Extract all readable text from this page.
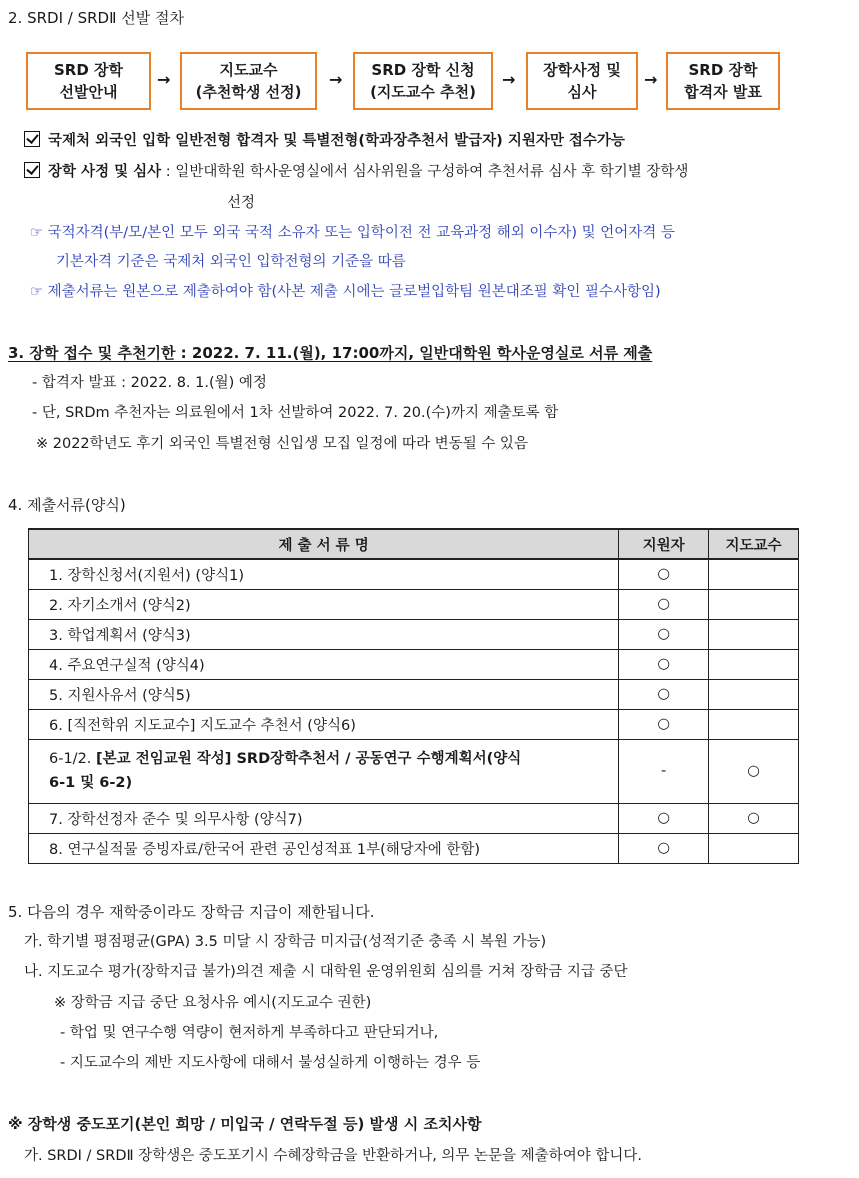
2. SRDⅠ / SRDⅡ 선발 절차
SRD 장학
선발안내
→	지도교수
(추천학생 선정)
→ SRD 장학 신청
(지도교수 추천)
→ 장학사정 및
심사
→ SRD 장학
합격자 발표
국제처 외국인 입학 일반전형 합격자 및 특별전형(학과장추천서 발급자) 지원자만 접수가능
장학 사정 및 심사 : 일반대학원 학사운영실에서 심사위원을 구성하여 추천서류 심사 후 학기별 장학생
선정
☞ 국적자격(부/모/본인 모두 외국 국적 소유자 또는 입학이전 전 교육과정 해외 이수자) 및 언어자격 등
기본자격 기준은 국제처 외국인 입학전형의 기준을 따름
☞ 제출서류는 원본으로 제출하여야 함(사본 제출 시에는 글로벌입학팀 원본대조필 확인 필수사항임)
3. 장학 접수 및 추천기한 : 2022. 7. 11.(월), 17:00까지, 일반대학원 학사운영실로 서류 제출
- 합격자 발표 : 2022. 8. 1.(월) 예정
- 단, SRDm 추천자는 의료원에서 1차 선발하여 2022. 7. 20.(수)까지 제출토록 함
※ 2022학년도 후기 외국인 특별전형 신입생 모집 일정에 따라 변동될 수 있음
4. 제출서류(양식)
제 출 서 류 명	지원자	지도교수
1. 장학신청서(지원서) (양식1)	○	
2. 자기소개서 (양식2)	○	
3. 학업계획서 (양식3)	○	
4. 주요연구실적 (양식4)	○	
5. 지원사유서 (양식5)	○	
6. [직전학위 지도교수] 지도교수 추천서 (양식6)	○	
6-1/2. [본교 전임교원 작성] SRD장학추천서 / 공동연구 수행계획서(양식
6-1 및 6-2)	-	○
7. 장학선정자 준수 및 의무사항 (양식7)	○	○
8. 연구실적물 증빙자료/한국어 관련 공인성적표 1부(해당자에 한함)	○	
5. 다음의 경우 재학중이라도 장학금 지급이 제한됩니다.
가. 학기별 평점평균(GPA) 3.5 미달 시 장학금 미지급(성적기준 충족 시 복원 가능)
나. 지도교수 평가(장학지급 불가)의견 제출 시 대학원 운영위원회 심의를 거쳐 장학금 지급 중단
※ 장학금 지급 중단 요청사유 예시(지도교수 권한)
- 학업 및 연구수행 역량이 현저하게 부족하다고 판단되거나,
- 지도교수의 제반 지도사항에 대해서 불성실하게 이행하는 경우 등
※ 장학생 중도포기(본인 희망 / 미입국 / 연락두절 등) 발생 시 조치사항
가. SRDⅠ / SRDⅡ 장학생은 중도포기시 수혜장학금을 반환하거나, 의무 논문을 제출하여야 합니다.
